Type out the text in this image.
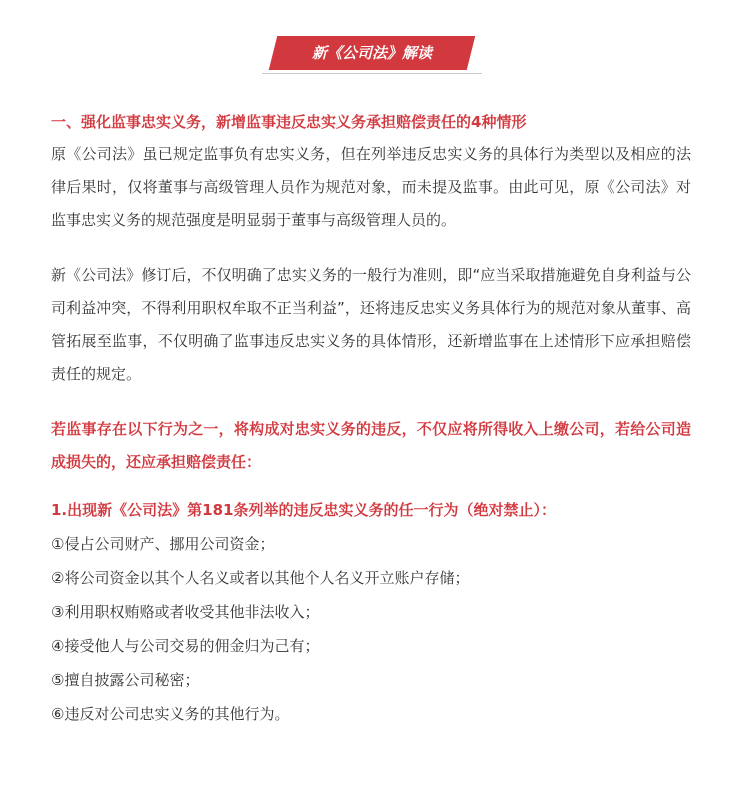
新《公司法》解读
一、强化监事忠实义务，新增监事违反忠实义务承担赔偿责任的4种情形

原《公司法》虽已规定监事负有忠实义务，但在列举违反忠实义务的具体行为类型以及相应的法律后果时，仅将董事与高级管理人员作为规范对象，而未提及监事。由此可见，原《公司法》对监事忠实义务的规范强度是明显弱于董事与高级管理人员的。

新《公司法》修订后，不仅明确了忠实义务的一般行为准则，即“应当采取措施避免自身利益与公司利益冲突，不得利用职权牟取不正当利益”，还将违反忠实义务具体行为的规范对象从董事、高管拓展至监事，不仅明确了监事违反忠实义务的具体情形，还新增监事在上述情形下应承担赔偿责任的规定。

若监事存在以下行为之一，将构成对忠实义务的违反，不仅应将所得收入上缴公司，若给公司造成损失的，还应承担赔偿责任：

1.出现新《公司法》第181条列举的违反忠实义务的任一行为（绝对禁止）：
①侵占公司财产、挪用公司资金；
②将公司资金以其个人名义或者以其他个人名义开立账户存储；
③利用职权贿赂或者收受其他非法收入；
④接受他人与公司交易的佣金归为己有；
⑤擅自披露公司秘密；
⑥违反对公司忠实义务的其他行为。
